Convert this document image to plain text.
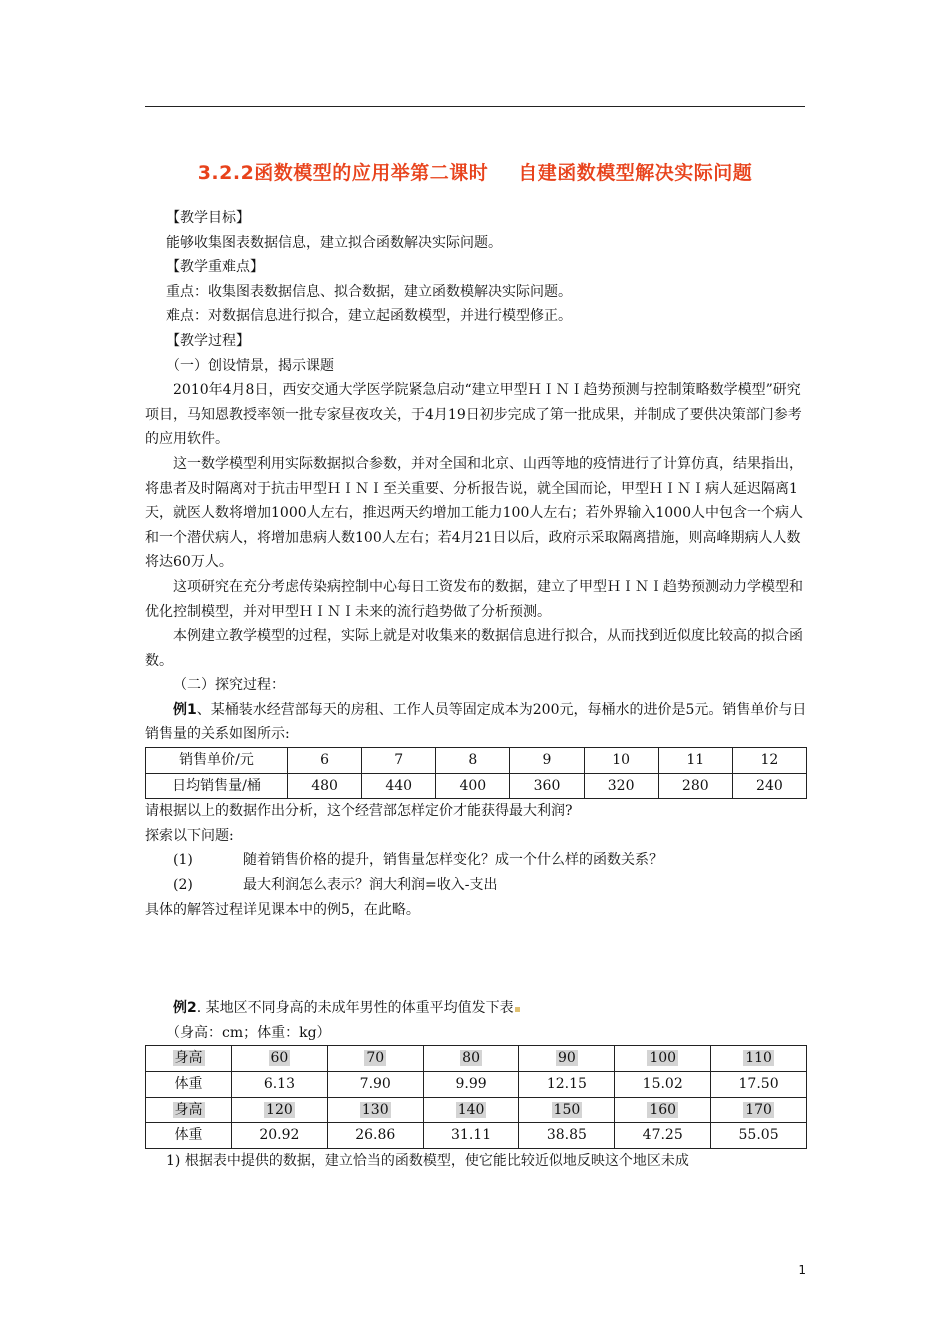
3.2.2函数模型的应用举第二课时 自建函数模型解决实际问题

【教学目标】

能够收集图表数据信息，建立拟合函数解决实际问题。

【教学重难点】

重点：收集图表数据信息、拟合数据，建立函数模解决实际问题。

难点：对数据信息进行拟合，建立起函数模型，并进行模型修正。

【教学过程】

（一）创设情景，揭示课题

2010年4月8日，西安交通大学医学院紧急启动“建立甲型ＨＩＮＩ趋势预测与控制策略数学模型”研究项目，马知恩教授率领一批专家昼夜攻关，于4月19日初步完成了第一批成果，并制成了要供决策部门参考的应用软件。

这一数学模型利用实际数据拟合参数，并对全国和北京、山西等地的疫情进行了计算仿真，结果指出，将患者及时隔离对于抗击甲型ＨＩＮＩ至关重要、分析报告说，就全国而论，甲型ＨＩＮＩ病人延迟隔离1天，就医人数将增加1000人左右，推迟两天约增加工能力100人左右；若外界输入1000人中包含一个病人和一个潜伏病人，将增加患病人数100人左右；若4月21日以后，政府示采取隔离措施，则高峰期病人人数将达60万人。

这项研究在充分考虑传染病控制中心每日工资发布的数据，建立了甲型ＨＩＮＩ趋势预测动力学模型和优化控制模型，并对甲型ＨＩＮＩ未来的流行趋势做了分析预测。

本例建立教学模型的过程，实际上就是对收集来的数据信息进行拟合，从而找到近似度比较高的拟合函数。

（二）探究过程：

例1、某桶装水经营部每天的房租、工作人员等固定成本为200元，每桶水的进价是5元。销售单价与日销售量的关系如图所示:

销售单价/元	6	7	8	9	10	11	12
日均销售量/桶	480	440	400	360	320	280	240

请根据以上的数据作出分析，这个经营部怎样定价才能获得最大利润?

探索以下问题:

(1)	随着销售价格的提升，销售量怎样变化？成一个什么样的函数关系？

(2)	最大利润怎么表示？润大利润=收入-支出

具体的解答过程详见课本中的例5，在此略。

例2. 某地区不同身高的未成年男性的体重平均值发下表

（身高：cm；体重：kg）

身高	60	70	80	90	100	110
体重	6.13	7.90	9.99	12.15	15.02	17.50
身高	120	130	140	150	160	170
体重	20.92	26.86	31.11	38.85	47.25	55.05

1) 根据表中提供的数据，建立恰当的函数模型，使它能比较近似地反映这个地区未成

1
